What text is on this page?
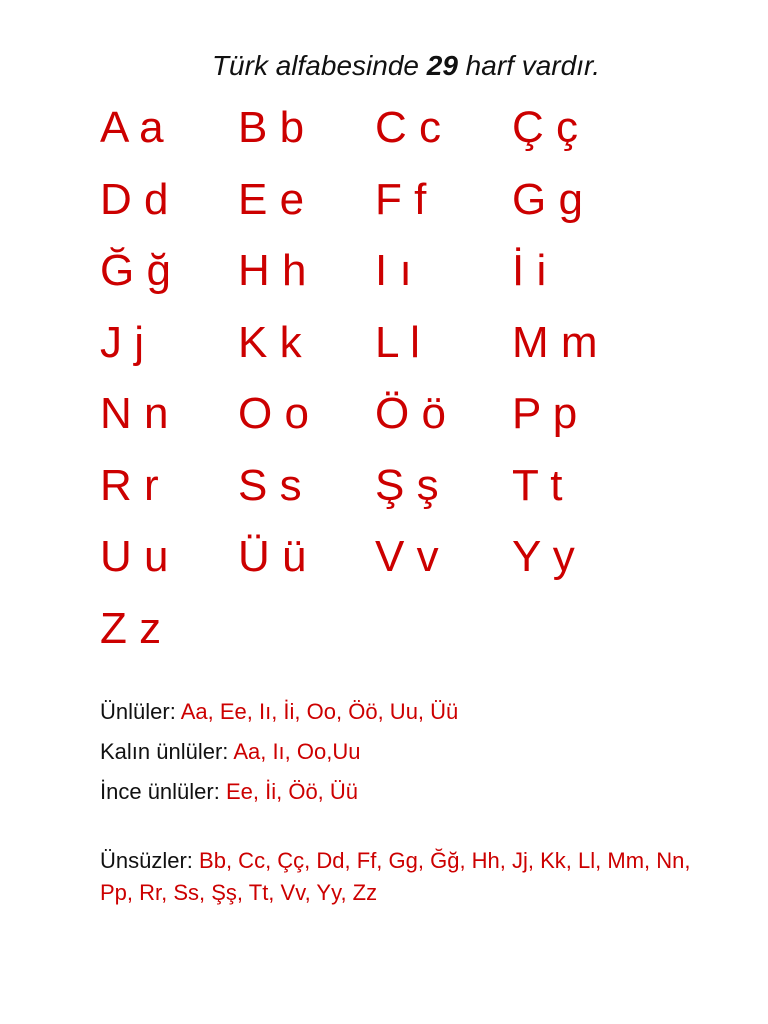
Türk alfabesinde 29 harf vardır.
A a B b C c Ç ç
D d E e F f G g
Ğ ğ H h I ı İ i
J j K k L l M m
N n O o Ö ö P p
R r S s Ş ş T t
U u Ü ü V v Y y
Z z
Ünlüler: Aa, Ee, Iı, İi, Oo, Öö, Uu, Üü
Kalın ünlüler: Aa, Iı, Oo,Uu
İnce ünlüler: Ee, İi, Öö, Üü
Ünsüzler: Bb, Cc, Çç, Dd, Ff, Gg, Ğğ, Hh, Jj, Kk, Ll, Mm, Nn, Pp, Rr, Ss, Şş, Tt, Vv, Yy, Zz
